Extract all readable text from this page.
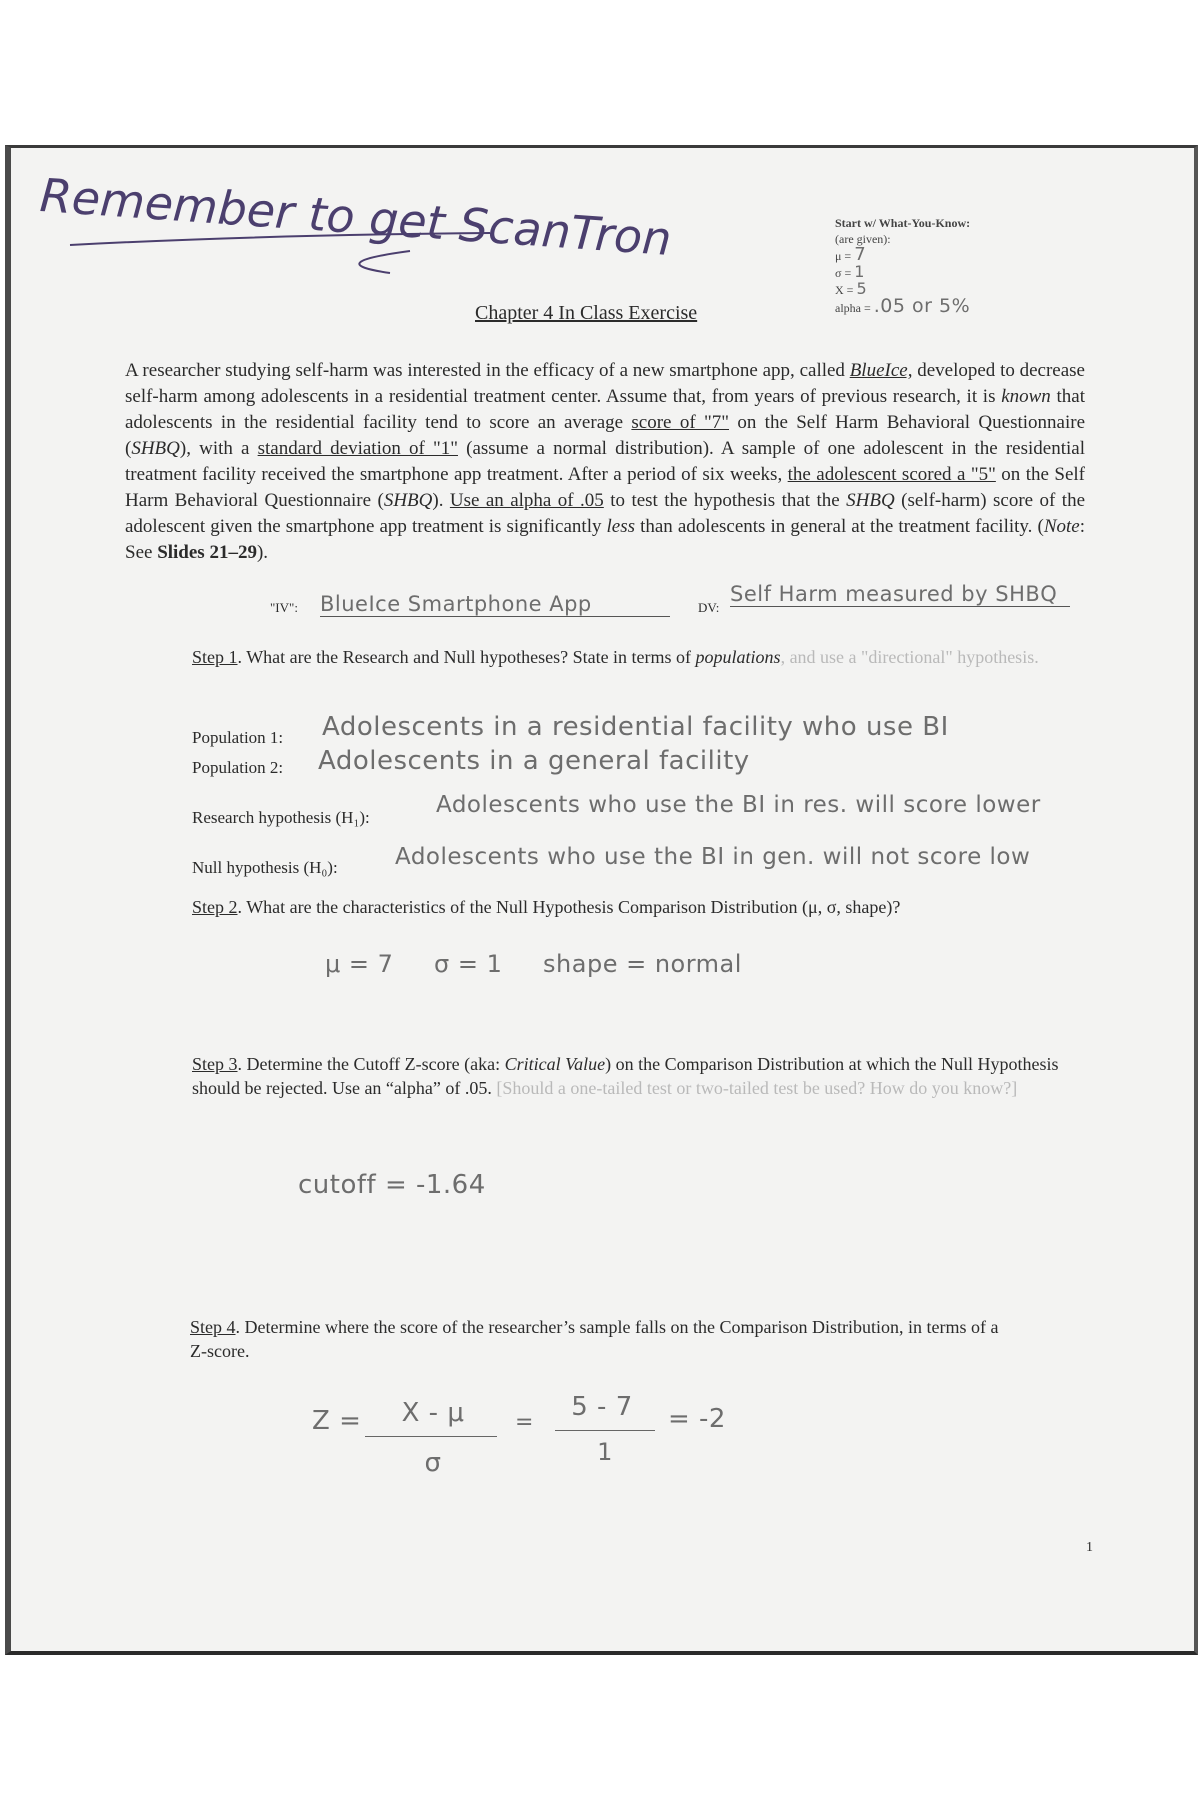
Remember to get ScanTron	Start w/ What-You-Know:
(are given):
μ = 7
σ = 1
X = 5
alpha = .05 or 5%
Chapter 4 In Class Exercise
A researcher studying self-harm was interested in the efficacy of a new smartphone app, called BlueIce, developed to decrease self-harm among adolescents in a residential treatment center. Assume that, from years of previous research, it is known that adolescents in the residential facility tend to score an average score of "7" on the Self Harm Behavioral Questionnaire (SHBQ), with a standard deviation of "1" (assume a normal distribution). A sample of one adolescent in the residential treatment facility received the smartphone app treatment. After a period of six weeks, the adolescent scored a "5" on the Self Harm Behavioral Questionnaire (SHBQ). Use an alpha of .05 to test the hypothesis that the SHBQ (self-harm) score of the adolescent given the smartphone app treatment is significantly less than adolescents in general at the treatment facility. (Note: See Slides 21–29).
"IV": BlueIce Smartphone App	DV:
Self Harm measured by SHBQ
Step 1. What are the Research and Null hypotheses? State in terms of populations, and use a "directional" hypothesis.
Population 1: Adolescents in a residential facility who use BI
Population 2: Adolescents in a general facility
Research hypothesis (H₁):	Adolescents who use the BI in res. will score lower
Null hypothesis (H₀): Adolescents who use the BI in gen. will not score low
Step 2. What are the characteristics of the Null Hypothesis Comparison Distribution (μ, σ, shape)?
μ = 7     σ = 1     shape = normal
Step 3. Determine the Cutoff Z-score (aka: Critical Value) on the Comparison Distribution at which the Null Hypothesis should be rejected. Use an “alpha” of .05. [Should a one-tailed test or two-tailed test be used? How do you know?]
cutoff = -1.64
Step 4. Determine where the score of the researcher’s sample falls on the Comparison Distribution, in terms of a Z-score.
Z =	X - μ
σ
=
5 - 7
1
= -2
1
